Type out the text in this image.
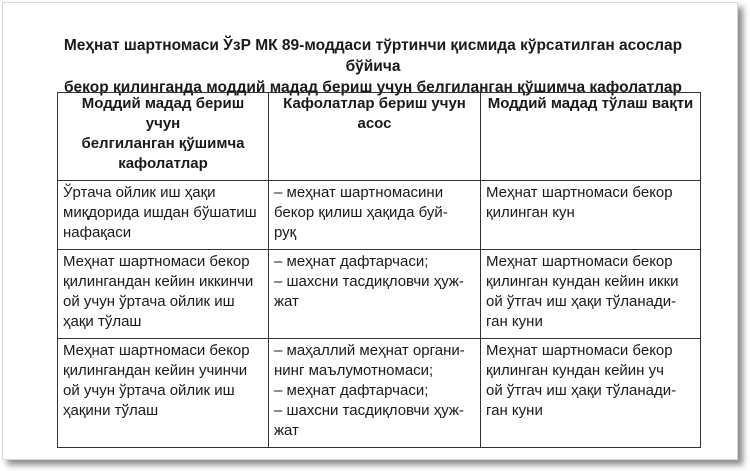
Меҳнат шартномаси ЎзР МК 89-моддаси тўртинчи қисмида кўрсатилган асослар бўйича
бекор қилинганда моддий мадад бериш учун белгиланган қўшимча кафолатлар
Моддий мадад бериш учун
белгиланган қўшимча
кафолатлар	Кафолатлар бериш учун
асос	Моддий мадад тўлаш вақти

Ўртача ойлик иш ҳақи
миқдорида ишдан бўшатиш
нафақаси	– меҳнат шартномасини
бекор қилиш ҳақида буй-
руқ	Меҳнат шартномаси бекор
қилинган кун

Меҳнат шартномаси бекор
қилингандан кейин иккинчи
ой учун ўртача ойлик иш
ҳақи тўлаш	– меҳнат дафтарчаси;
– шахсни тасдиқловчи ҳуж-
жат	Меҳнат шартномаси бекор
қилинган кундан кейин икки
ой ўтгач иш ҳақи тўланади-
ган куни

Меҳнат шартномаси бекор
қилингандан кейин учинчи
ой учун ўртача ойлик иш
ҳақини тўлаш	– маҳаллий меҳнат органи-
нинг маълумотномаси;
– меҳнат дафтарчаси;
– шахсни тасдиқловчи ҳуж-
жат	Меҳнат шартномаси бекор
қилинган кундан кейин уч
ой ўтгач иш ҳақи тўланади-
ган куни
